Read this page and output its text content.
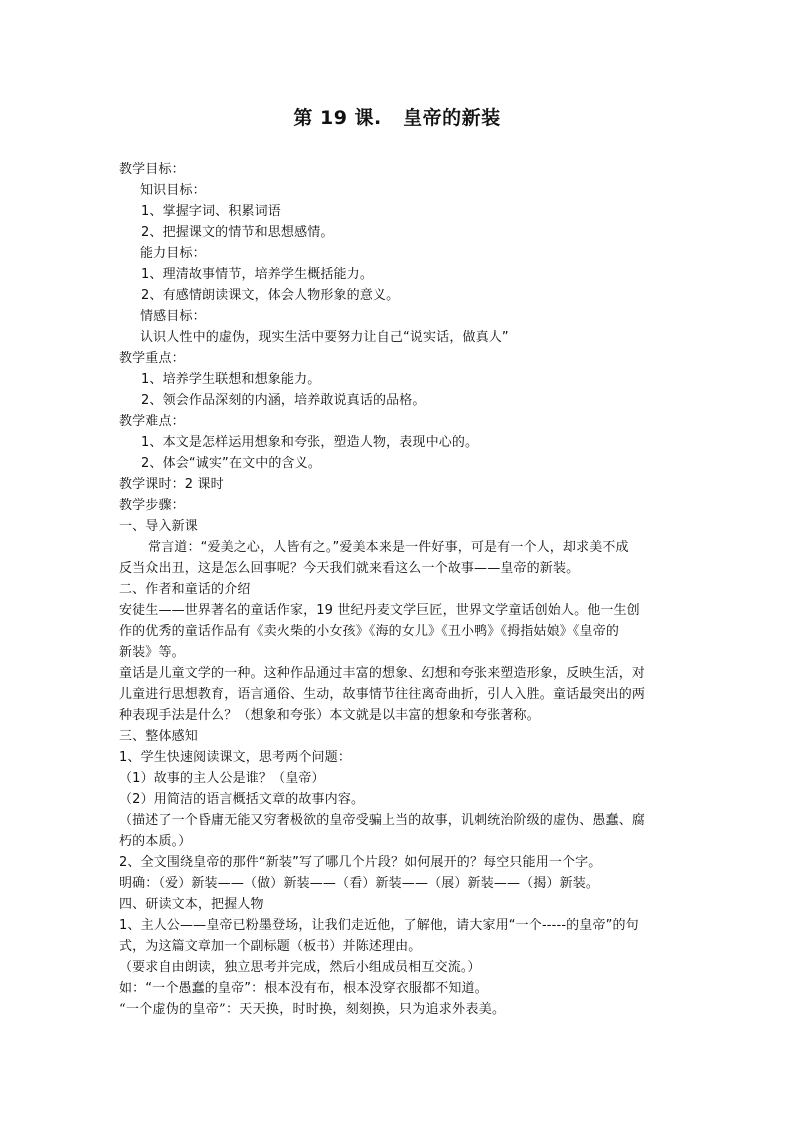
第 19 课.   皇帝的新装
教学目标：
知识目标：
1、掌握字词、积累词语
2、把握课文的情节和思想感情。
能力目标：
1、理清故事情节，培养学生概括能力。
2、有感情朗读课文，体会人物形象的意义。
情感目标：
认识人性中的虚伪，现实生活中要努力让自己“说实话，做真人”
教学重点：
1、培养学生联想和想象能力。
2、领会作品深刻的内涵，培养敢说真话的品格。
教学难点：
1、本文是怎样运用想象和夸张，塑造人物，表现中心的。
2、体会“诚实”在文中的含义。
教学课时：2 课时
教学步骤：
一、导入新课
常言道：“爱美之心，人皆有之。”爱美本来是一件好事，可是有一个人，却求美不成
反当众出丑，这是怎么回事呢？今天我们就来看这么一个故事——皇帝的新装。
二、作者和童话的介绍
安徒生——世界著名的童话作家，19 世纪丹麦文学巨匠，世界文学童话创始人。他一生创
作的优秀的童话作品有《卖火柴的小女孩》《海的女儿》《丑小鸭》《拇指姑娘》《皇帝的
新装》等。
童话是儿童文学的一种。这种作品通过丰富的想象、幻想和夸张来塑造形象，反映生活，对
儿童进行思想教育，语言通俗、生动，故事情节往往离奇曲折，引人入胜。童话最突出的两
种表现手法是什么？（想象和夸张）本文就是以丰富的想象和夸张著称。
三、整体感知
1、学生快速阅读课文，思考两个问题：
（1）故事的主人公是谁？（皇帝）
（2）用简洁的语言概括文章的故事内容。
（描述了一个昏庸无能又穷奢极欲的皇帝受骗上当的故事，讥刺统治阶级的虚伪、愚蠢、腐
朽的本质。）
2、全文围绕皇帝的那件“新装”写了哪几个片段？如何展开的？每空只能用一个字。
明确：（爱）新装——（做）新装——（看）新装——（展）新装——（揭）新装。
四、研读文本，把握人物
1、主人公——皇帝已粉墨登场，让我们走近他，了解他，请大家用“一个-----的皇帝”的句
式，为这篇文章加一个副标题（板书）并陈述理由。
（要求自由朗读，独立思考并完成，然后小组成员相互交流。）
如：“一个愚蠢的皇帝”：根本没有布，根本没穿衣服都不知道。
“一个虚伪的皇帝”：天天换，时时换，刻刻换，只为追求外表美。
